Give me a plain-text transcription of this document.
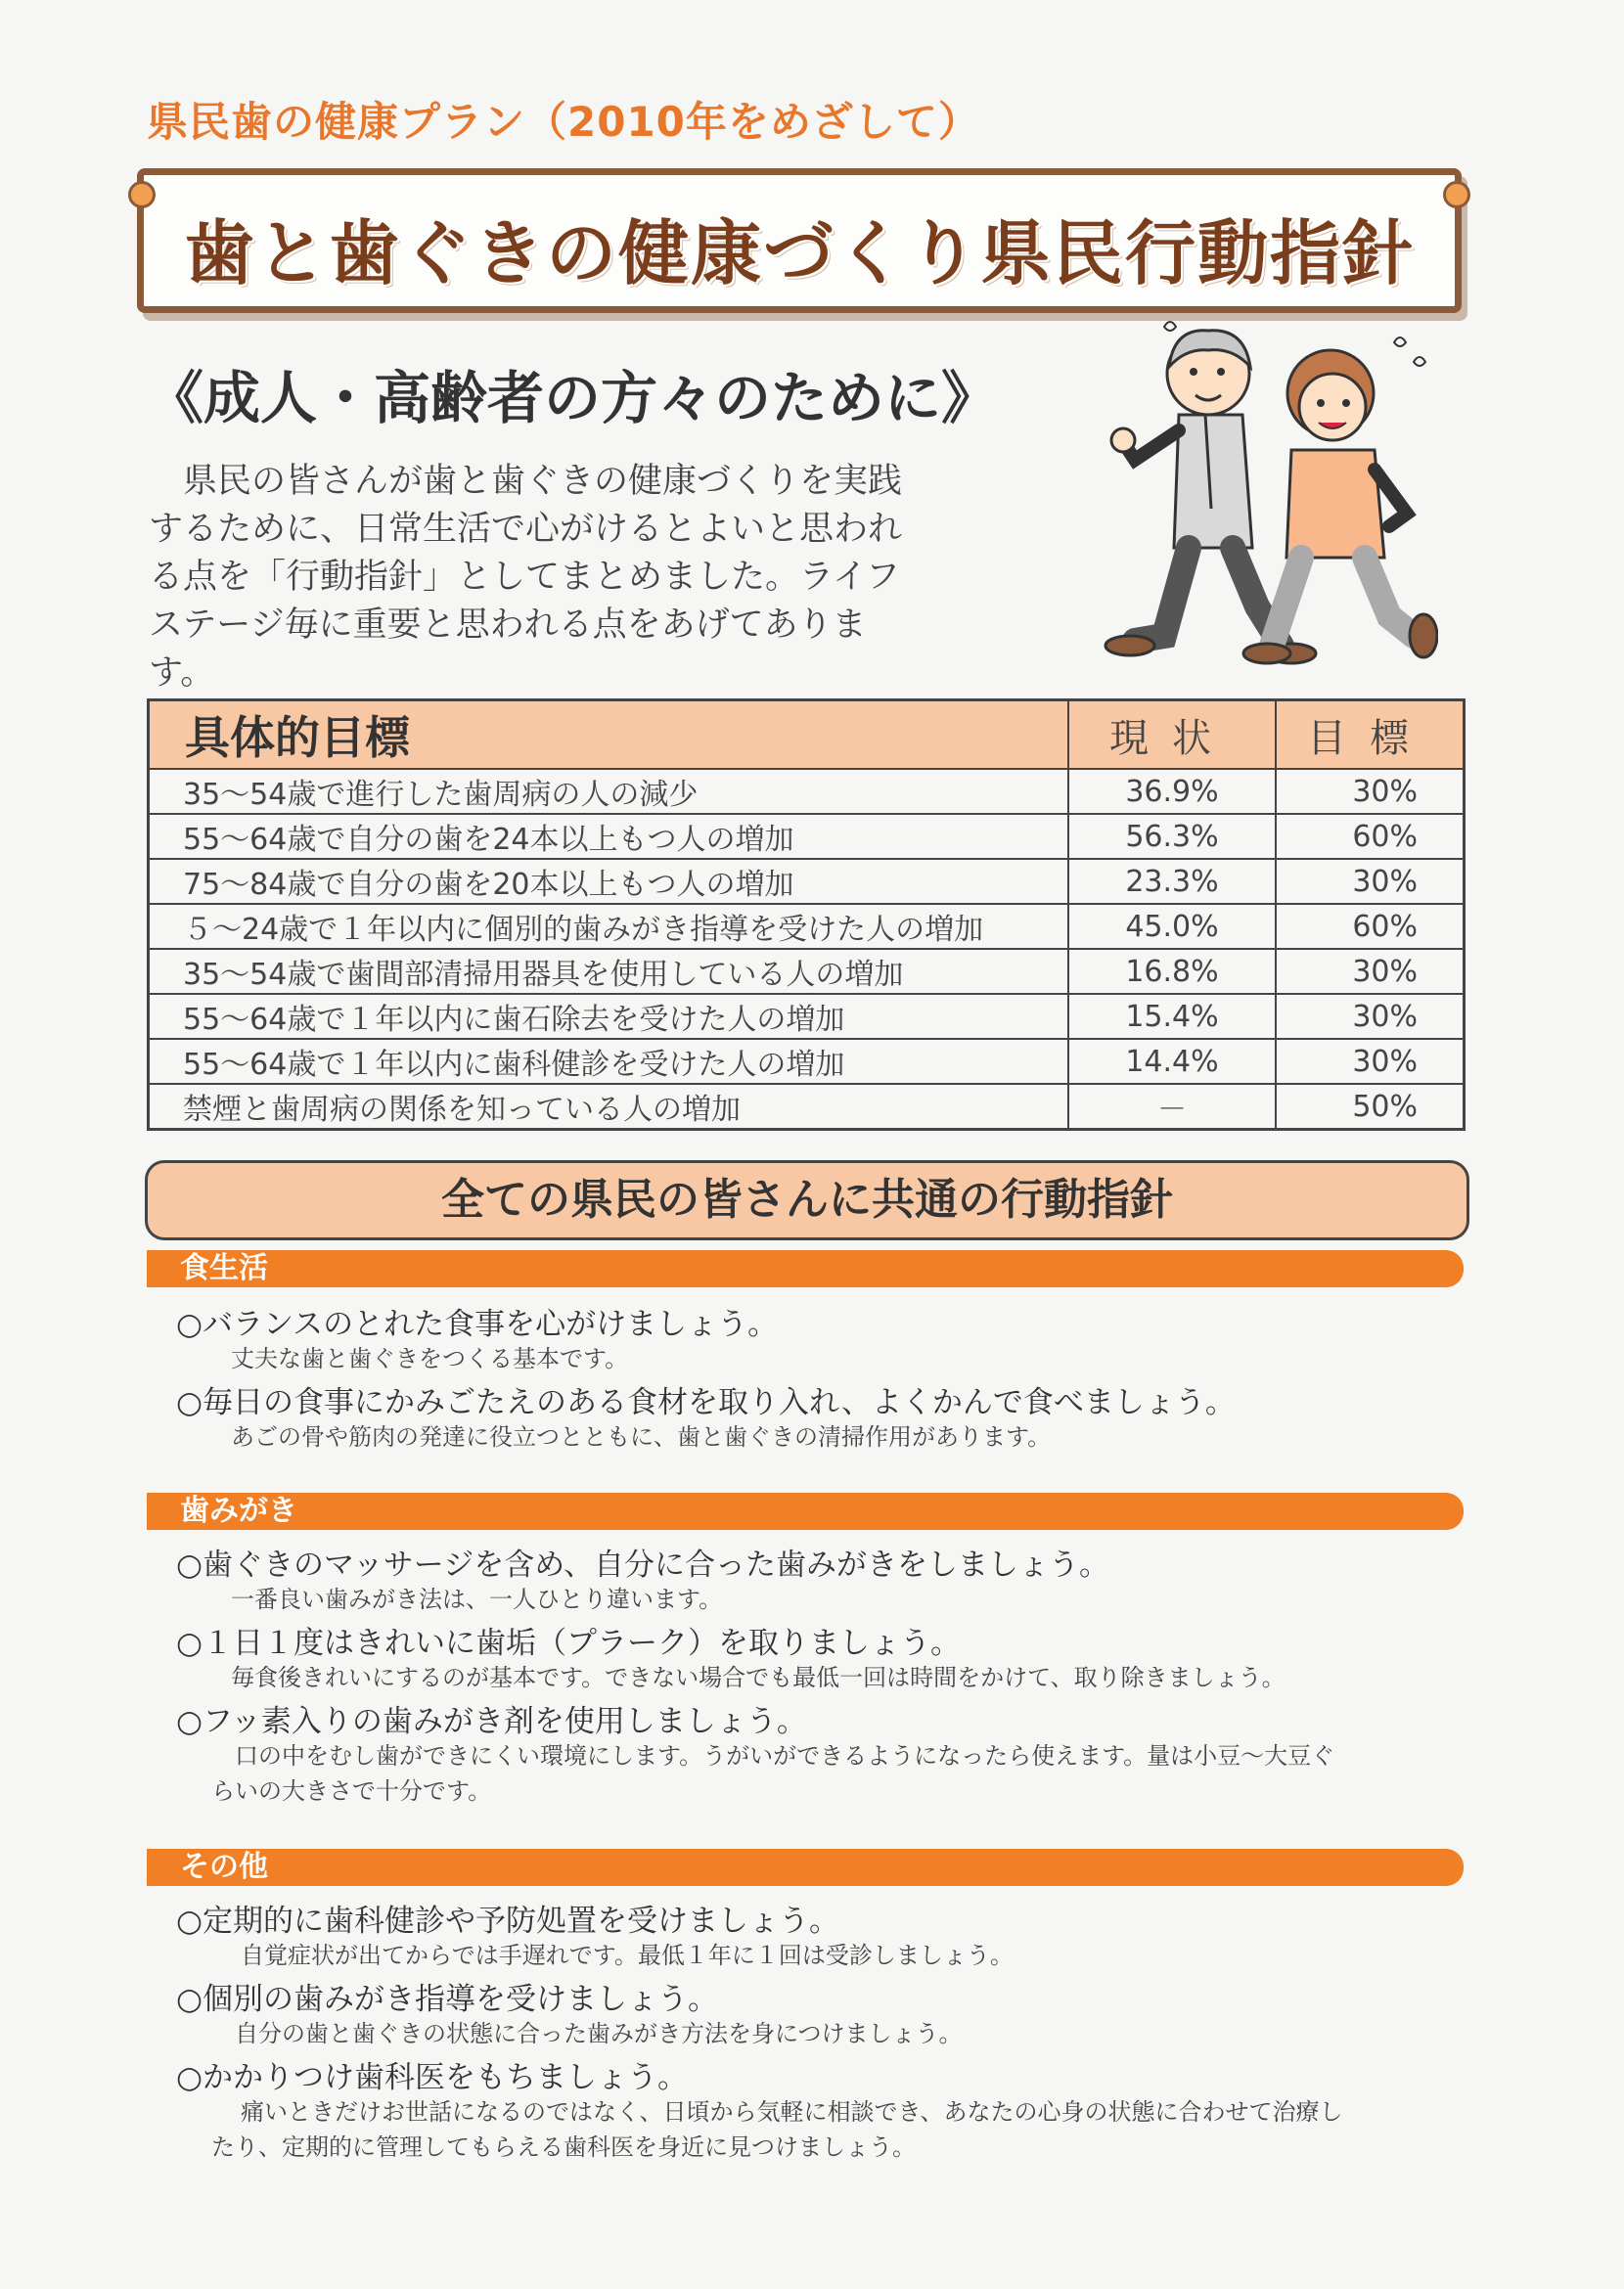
県民歯の健康プラン（2010年をめざして）
歯と歯ぐきの健康づくり県民行動指針
《成人・高齢者の方々のために》

県民の皆さんが歯と歯ぐきの健康づくりを実践

するために、日常生活で心がけるとよいと思われ

る点を「行動指針」としてまとめました。ライフ

ステージ毎に重要と思われる点をあげてあります。

具体的目標	現状	目標
35～54歳で進行した歯周病の人の減少	36.9%	30%
55～64歳で自分の歯を24本以上もつ人の増加	56.3%	60%
75～84歳で自分の歯を20本以上もつ人の増加	23.3%	30%
５～24歳で１年以内に個別的歯みがき指導を受けた人の増加	45.0%	60%
35～54歳で歯間部清掃用器具を使用している人の増加	16.8%	30%
55～64歳で１年以内に歯石除去を受けた人の増加	15.4%	30%
55～64歳で１年以内に歯科健診を受けた人の増加	14.4%	30%
禁煙と歯周病の関係を知っている人の増加	－	50%
全ての県民の皆さんに共通の行動指針
食生活
○バランスのとれた食事を心がけましょう。
丈夫な歯と歯ぐきをつくる基本です。
○毎日の食事にかみごたえのある食材を取り入れ、よくかんで食べましょう。
あごの骨や筋肉の発達に役立つとともに、歯と歯ぐきの清掃作用があります。
歯みがき
○歯ぐきのマッサージを含め、自分に合った歯みがきをしましょう。
一番良い歯みがき法は、一人ひとり違います。
○１日１度はきれいに歯垢（プラーク）を取りましょう。
毎食後きれいにするのが基本です。できない場合でも最低一回は時間をかけて、取り除きましょう。
○フッ素入りの歯みがき剤を使用しましょう。
口の中をむし歯ができにくい環境にします。うがいができるようになったら使えます。量は小豆～大豆ぐ
らいの大きさで十分です。
その他
○定期的に歯科健診や予防処置を受けましょう。
自覚症状が出てからでは手遅れです。最低１年に１回は受診しましょう。
○個別の歯みがき指導を受けましょう。
自分の歯と歯ぐきの状態に合った歯みがき方法を身につけましょう。
○かかりつけ歯科医をもちましょう。
痛いときだけお世話になるのではなく、日頃から気軽に相談でき、あなたの心身の状態に合わせて治療し
たり、定期的に管理してもらえる歯科医を身近に見つけましょう。
